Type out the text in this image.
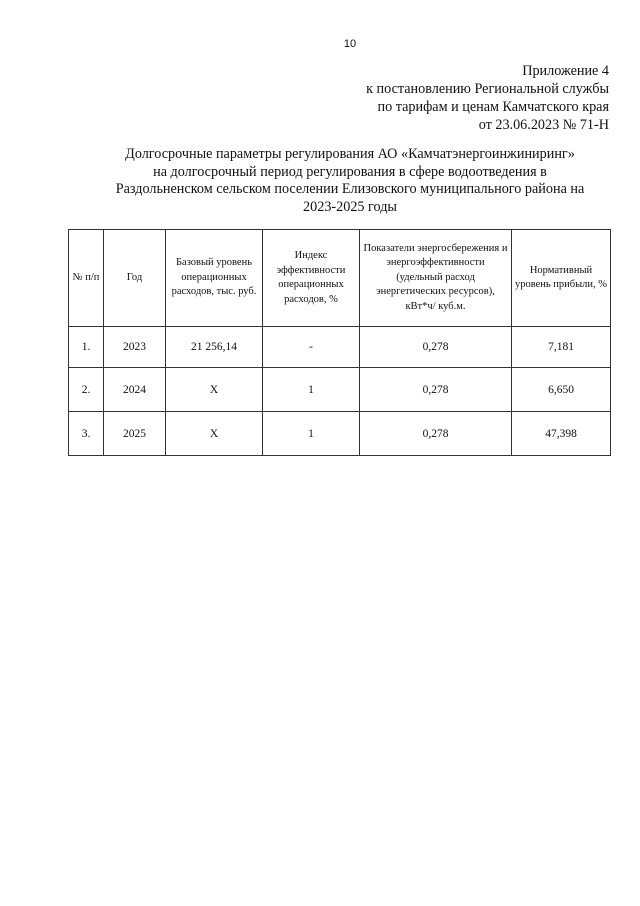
10
Приложение 4
к постановлению Региональной службы
по тарифам и ценам Камчатского края
от 23.06.2023 № 71-Н
Долгосрочные параметры регулирования АО «Камчатэнергоинжиниринг»
на долгосрочный период регулирования в сфере водоотведения в
Раздольненском сельском поселении Елизовского муниципального района на
2023-2025 годы
№ п/п	Год	Базовый уровень операционных расходов, тыс. руб.	Индекс эффективности операционных расходов, %	Показатели энергосбережения и энергоэффективности (удельный расход энергетических ресурсов), кВт*ч/ куб.м.	Нормативный уровень прибыли, %
1.	2023	21 256,14	-	0,278	7,181
2.	2024	Х	1	0,278	6,650
3.	2025	Х	1	0,278	47,398
